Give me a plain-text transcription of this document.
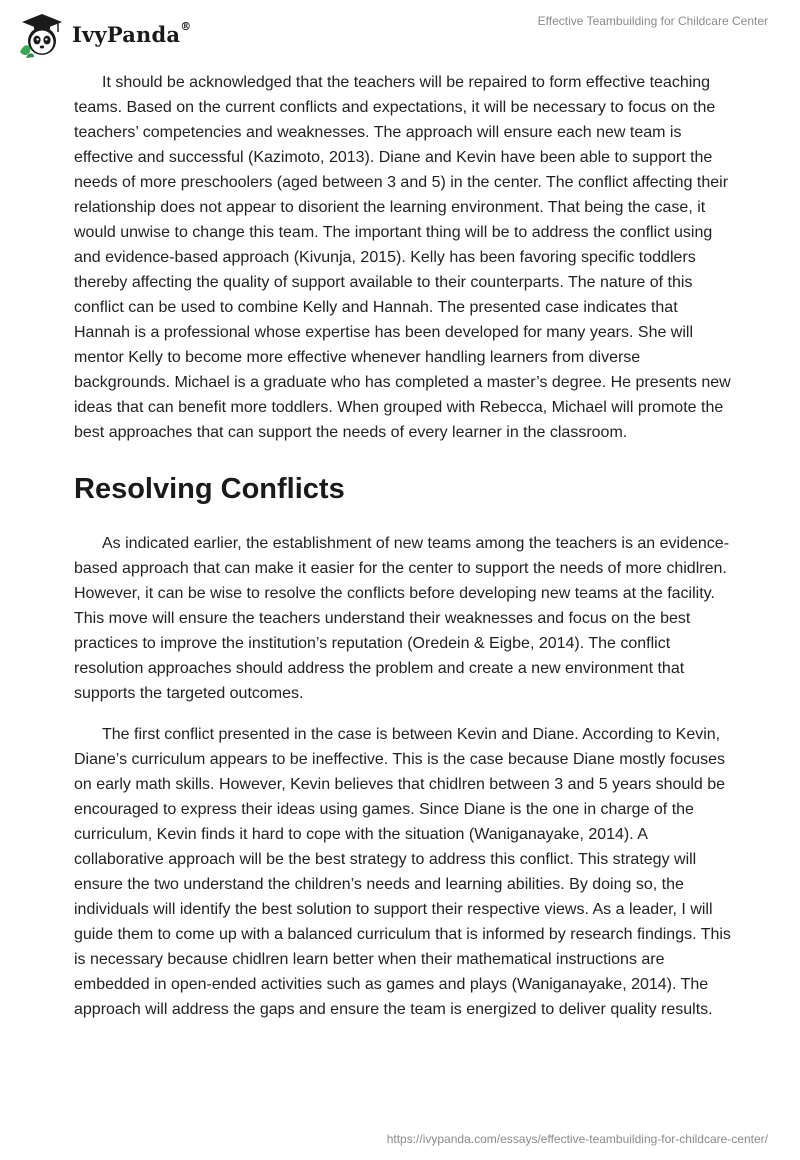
IvyPanda®	Effective Teambuilding for Childcare Center

It should be acknowledged that the teachers will be repaired to form effective teaching teams. Based on the current conflicts and expectations, it will be necessary to focus on the teachers’ competencies and weaknesses. The approach will ensure each new team is effective and successful (Kazimoto, 2013). Diane and Kevin have been able to support the needs of more preschoolers (aged between 3 and 5) in the center. The conflict affecting their relationship does not appear to disorient the learning environment. That being the case, it would unwise to change this team. The important thing will be to address the conflict using and evidence-based approach (Kivunja, 2015). Kelly has been favoring specific toddlers thereby affecting the quality of support available to their counterparts. The nature of this conflict can be used to combine Kelly and Hannah. The presented case indicates that Hannah is a professional whose expertise has been developed for many years. She will mentor Kelly to become more effective whenever handling learners from diverse backgrounds. Michael is a graduate who has completed a master’s degree. He presents new ideas that can benefit more toddlers. When grouped with Rebecca, Michael will promote the best approaches that can support the needs of every learner in the classroom.

Resolving Conflicts

As indicated earlier, the establishment of new teams among the teachers is an evidence-based approach that can make it easier for the center to support the needs of more chidlren. However, it can be wise to resolve the conflicts before developing new teams at the facility. This move will ensure the teachers understand their weaknesses and focus on the best practices to improve the institution’s reputation (Oredein & Eigbe, 2014). The conflict resolution approaches should address the problem and create a new environment that supports the targeted outcomes.

The first conflict presented in the case is between Kevin and Diane. According to Kevin, Diane’s curriculum appears to be ineffective. This is the case because Diane mostly focuses on early math skills. However, Kevin believes that chidlren between 3 and 5 years should be encouraged to express their ideas using games. Since Diane is the one in charge of the curriculum, Kevin finds it hard to cope with the situation (Waniganayake, 2014). A collaborative approach will be the best strategy to address this conflict. This strategy will ensure the two understand the children’s needs and learning abilities. By doing so, the individuals will identify the best solution to support their respective views. As a leader, I will guide them to come up with a balanced curriculum that is informed by research findings. This is necessary because chidlren learn better when their mathematical instructions are embedded in open-ended activities such as games and plays (Waniganayake, 2014). The approach will address the gaps and ensure the team is energized to deliver quality results.

https://ivypanda.com/essays/effective-teambuilding-for-childcare-center/
